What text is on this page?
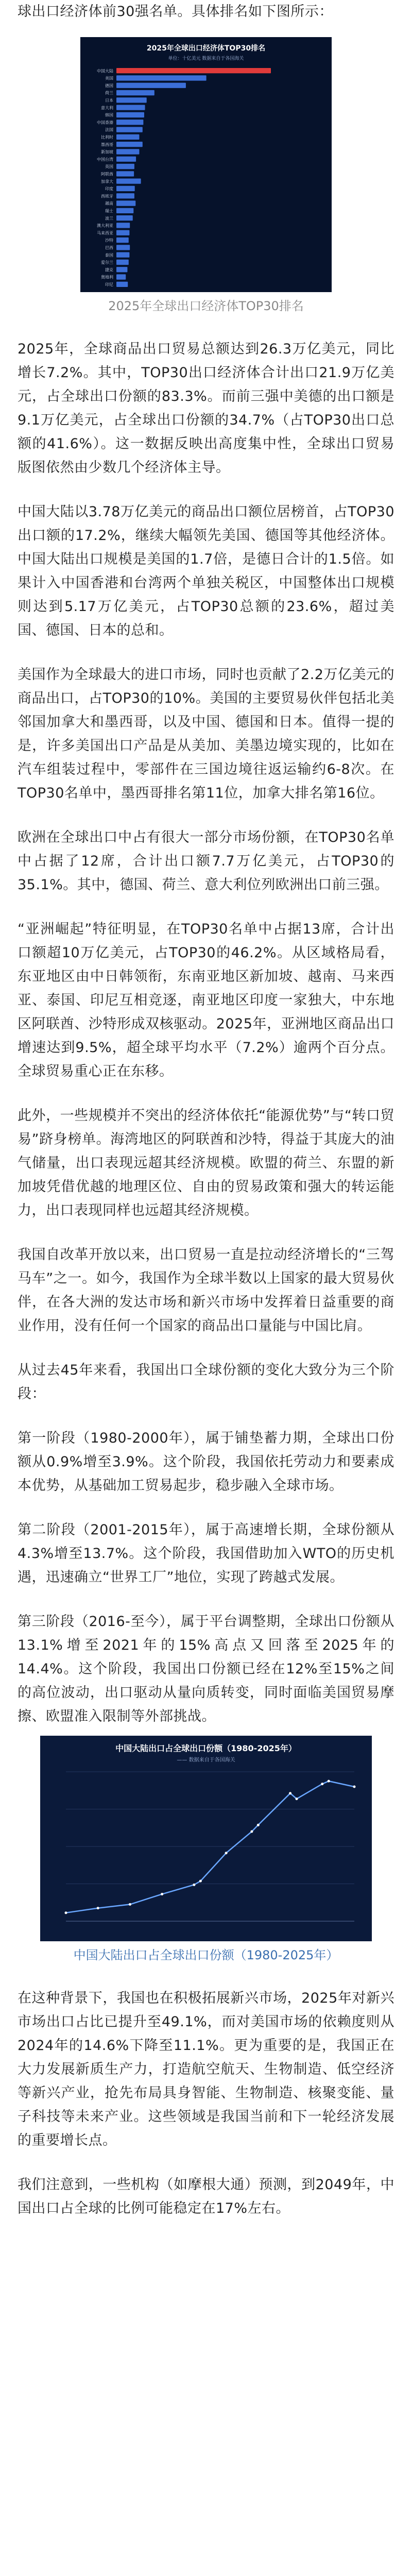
球出口经济体前30强名单。具体排名如下图所示：

2025年全球出口经济体TOP30排名
单位：十亿美元 数据来自于各国海关
中国大陆
美国
德国
荷兰
日本
意大利
韩国
中国香港
法国
比利时
墨西哥
新加坡
中国台湾
英国
阿联酋
加拿大
印度
西班牙
越南
瑞士
波兰
澳大利亚
马来西亚
沙特
巴西
泰国
爱尔兰
捷克
奥地利
印尼
2025年全球出口经济体TOP30排名

2025年，全球商品出口贸易总额达到26.3万亿美元，同比增长7.2%。其中，TOP30出口经济体合计出口21.9万亿美元，占全球出口份额的83.3%。而前三强中美德的出口额是9.1万亿美元，占全球出口份额的34.7%（占TOP30出口总额的41.6%）。这一数据反映出高度集中性，全球出口贸易版图依然由少数几个经济体主导。

中国大陆以3.78万亿美元的商品出口额位居榜首，占TOP30出口额的17.2%，继续大幅领先美国、德国等其他经济体。中国大陆出口规模是美国的1.7倍，是德日合计的1.5倍。如果计入中国香港和台湾两个单独关税区，中国整体出口规模则达到5.17万亿美元，占TOP30总额的23.6%，超过美国、德国、日本的总和。

美国作为全球最大的进口市场，同时也贡献了2.2万亿美元的商品出口，占TOP30的10%。美国的主要贸易伙伴包括北美邻国加拿大和墨西哥，以及中国、德国和日本。值得一提的是，许多美国出口产品是从美加、美墨边境实现的，比如在汽车组装过程中，零部件在三国边境往返运输约6-8次。在TOP30名单中，墨西哥排名第11位，加拿大排名第16位。

欧洲在全球出口中占有很大一部分市场份额，在TOP30名单中占据了12席，合计出口额7.7万亿美元，占TOP30的35.1%。其中，德国、荷兰、意大利位列欧洲出口前三强。

“亚洲崛起”特征明显，在TOP30名单中占据13席，合计出口额超10万亿美元，占TOP30的46.2%。从区域格局看，东亚地区由中日韩领衔，东南亚地区新加坡、越南、马来西亚、泰国、印尼互相竞逐，南亚地区印度一家独大，中东地区阿联酋、沙特形成双核驱动。2025年，亚洲地区商品出口增速达到9.5%，超全球平均水平（7.2%）逾两个百分点。全球贸易重心正在东移。

此外，一些规模并不突出的经济体依托“能源优势”与“转口贸易”跻身榜单。海湾地区的阿联酋和沙特，得益于其庞大的油气储量，出口表现远超其经济规模。欧盟的荷兰、东盟的新加坡凭借优越的地理区位、自由的贸易政策和强大的转运能力，出口表现同样也远超其经济规模。

我国自改革开放以来，出口贸易一直是拉动经济增长的“三驾马车”之一。如今，我国作为全球半数以上国家的最大贸易伙伴，在各大洲的发达市场和新兴市场中发挥着日益重要的商业作用，没有任何一个国家的商品出口量能与中国比肩。

从过去45年来看，我国出口全球份额的变化大致分为三个阶段：

第一阶段（1980-2000年），属于铺垫蓄力期，全球出口份额从0.9%增至3.9%。这个阶段，我国依托劳动力和要素成本优势，从基础加工贸易起步，稳步融入全球市场。

第二阶段（2001-2015年），属于高速增长期，全球份额从4.3%增至13.7%。这个阶段，我国借助加入WTO的历史机遇，迅速确立“世界工厂”地位，实现了跨越式发展。

第三阶段（2016-至今），属于平台调整期，全球出口份额从13.1%增至2021年的15%高点又回落至2025年的14.4%。这个阶段，我国出口份额已经在12%至15%之间的高位波动，出口驱动从量向质转变，同时面临美国贸易摩擦、欧盟准入限制等外部挑战。

中国大陆出口占全球出口份额（1980-2025年）
—— 数据来自于各国海关
中国大陆出口占全球出口份额（1980-2025年）

在这种背景下，我国也在积极拓展新兴市场，2025年对新兴市场出口占比已提升至49.1%，而对美国市场的依赖度则从2024年的14.6%下降至11.1%。更为重要的是，我国正在大力发展新质生产力，打造航空航天、生物制造、低空经济等新兴产业，抢先布局具身智能、生物制造、核聚变能、量子科技等未来产业。这些领域是我国当前和下一轮经济发展的重要增长点。

我们注意到，一些机构（如摩根大通）预测，到2049年，中国出口占全球的比例可能稳定在17%左右。
